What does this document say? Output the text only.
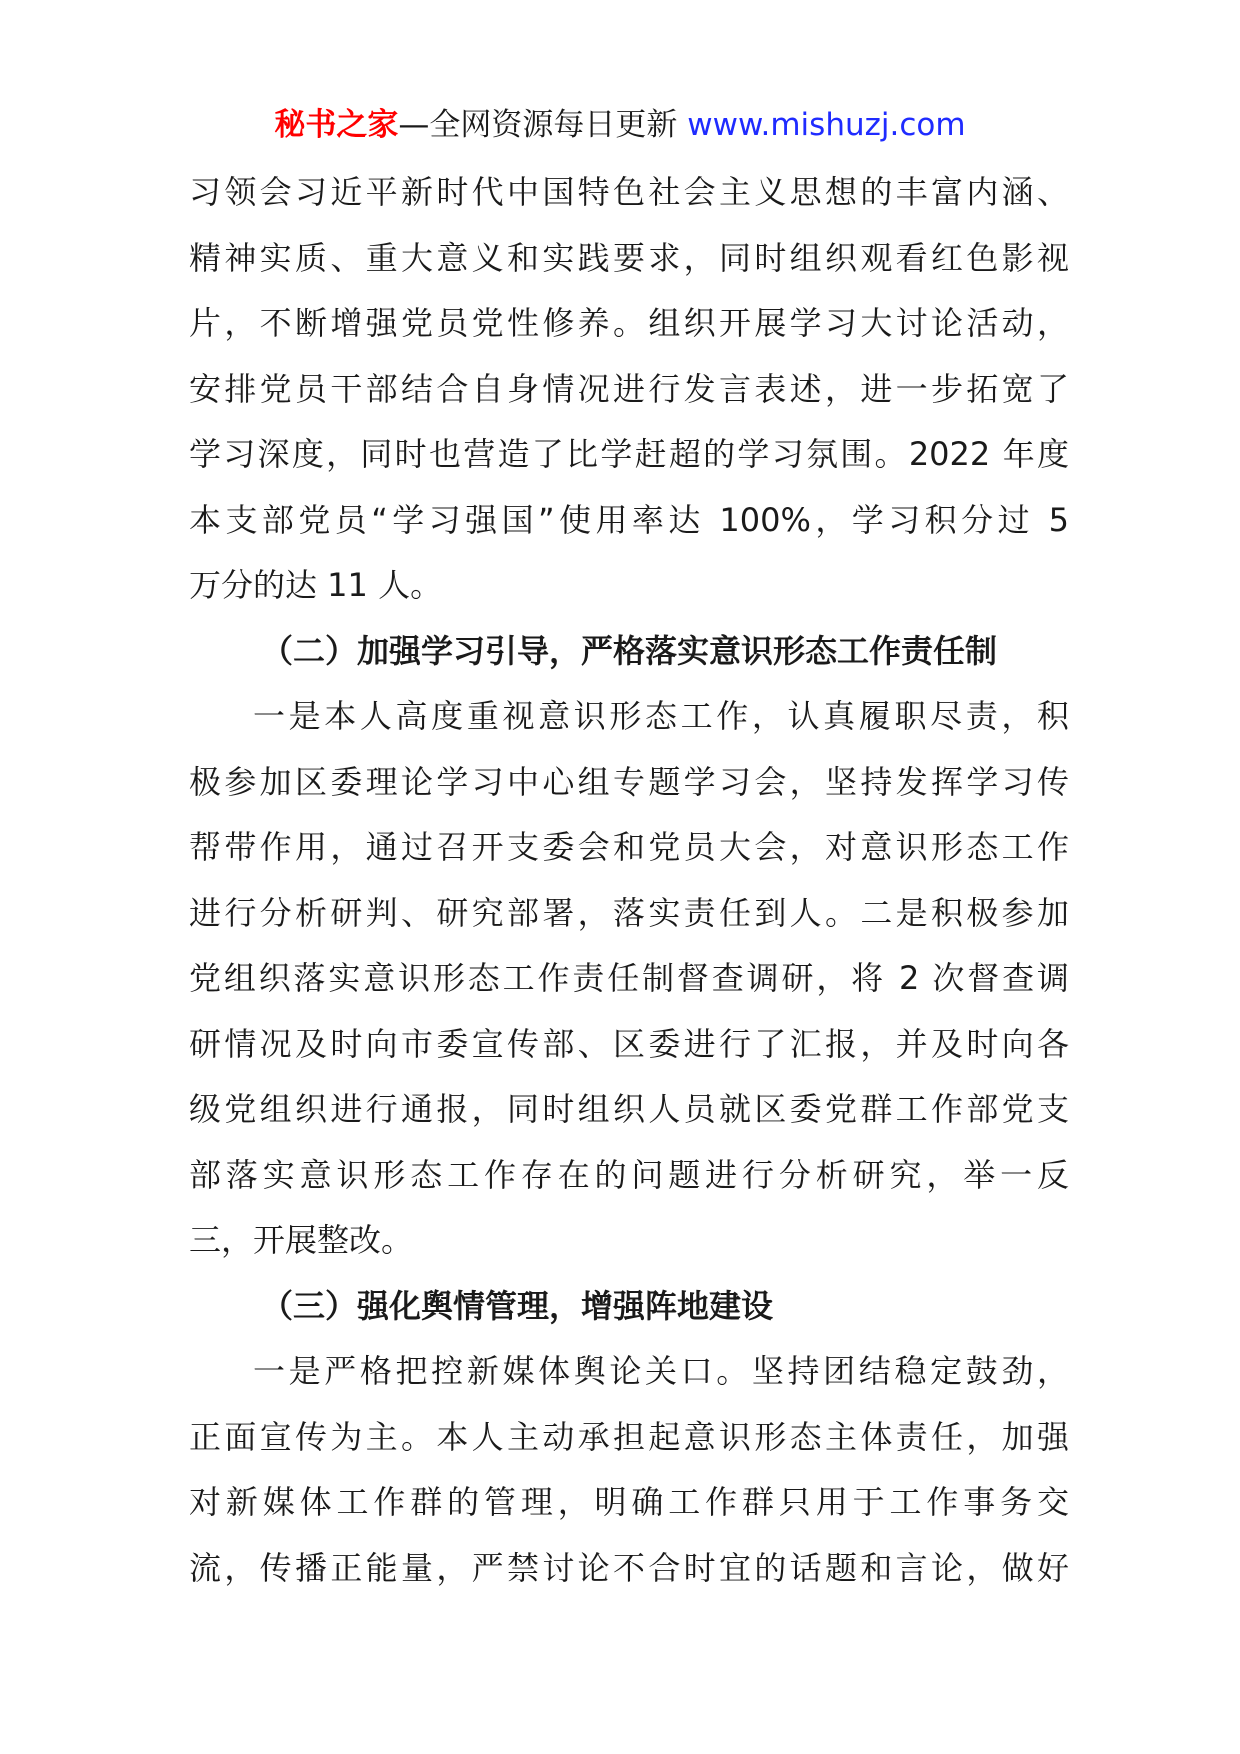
秘书之家—全网资源每日更新 www.mishuzj.com
习领会习近平新时代中国特色社会主义思想的丰富内涵、
精神实质、重大意义和实践要求，同时组织观看红色影视
片，不断增强党员党性修养。组织开展学习大讨论活动，
安排党员干部结合自身情况进行发言表述，进一步拓宽了
学习深度，同时也营造了比学赶超的学习氛围。2022 年度
本支部党员“学习强国”使用率达 100%，学习积分过 5
万分的达 11 人。
（二）加强学习引导，严格落实意识形态工作责任制
一是本人高度重视意识形态工作，认真履职尽责，积
极参加区委理论学习中心组专题学习会，坚持发挥学习传
帮带作用，通过召开支委会和党员大会，对意识形态工作
进行分析研判、研究部署，落实责任到人。二是积极参加
党组织落实意识形态工作责任制督查调研，将 2 次督查调
研情况及时向市委宣传部、区委进行了汇报，并及时向各
级党组织进行通报，同时组织人员就区委党群工作部党支
部落实意识形态工作存在的问题进行分析研究，举一反
三，开展整改。
（三）强化舆情管理，增强阵地建设
一是严格把控新媒体舆论关口。坚持团结稳定鼓劲，
正面宣传为主。本人主动承担起意识形态主体责任，加强
对新媒体工作群的管理，明确工作群只用于工作事务交
流，传播正能量，严禁讨论不合时宜的话题和言论，做好
